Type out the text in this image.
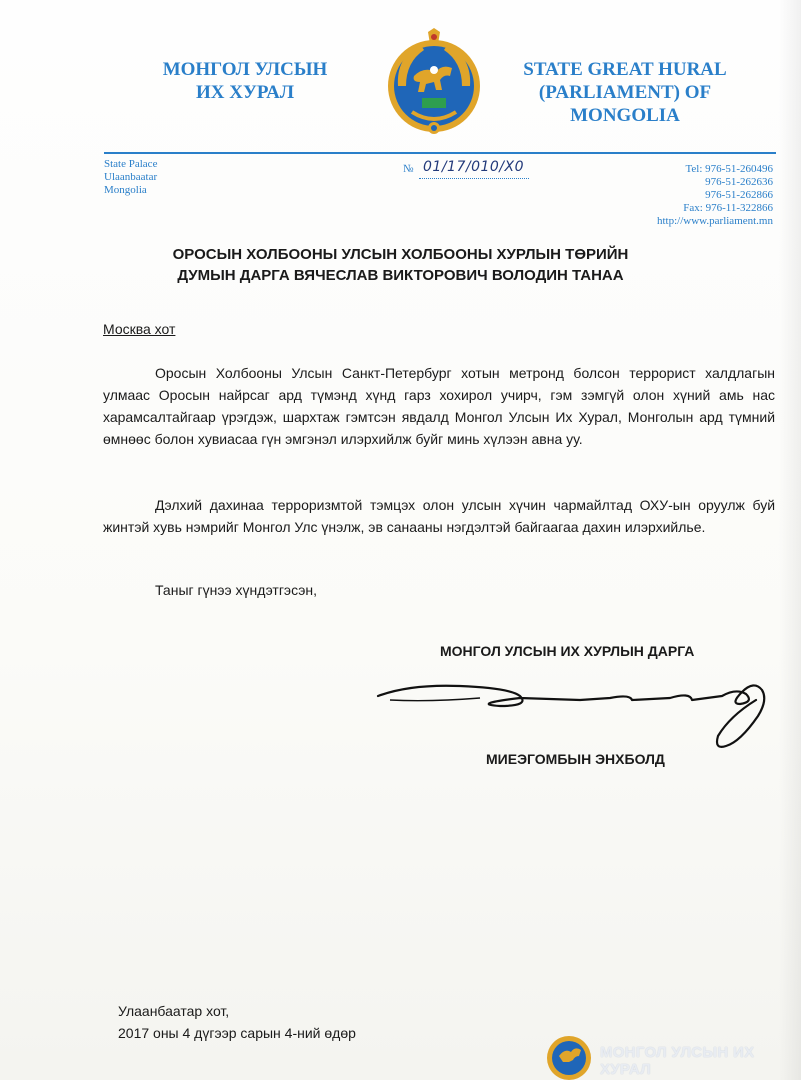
МОНГОЛ УЛСЫН
ИХ ХУРАЛ
STATE GREAT HURAL
(PARLIAMENT) OF
MONGOLIA
State Palace
Ulaanbaatar
Mongolia
№ 01/17/010/Х0	Tel: 976-51-260496
976-51-262636
976-51-262866
Fax: 976-11-322866
http://www.parliament.mn
ОРОСЫН ХОЛБООНЫ УЛСЫН ХОЛБООНЫ ХУРЛЫН ТӨРИЙН
ДУМЫН ДАРГА ВЯЧЕСЛАВ ВИКТОРОВИЧ ВОЛОДИН ТАНАА
Москва хот
Оросын Холбооны Улсын Санкт-Петербург хотын метронд болсон террорист халдлагын улмаас Оросын найрсаг ард түмэнд хүнд гарз хохирол учирч, гэм зэмгүй олон хүний амь нас харамсалтайгаар үрэгдэж, шархтаж гэмтсэн явдалд Монгол Улсын Их Хурал, Монголын ард түмний өмнөөс болон хувиасаа гүн эмгэнэл илэрхийлж буйг минь хүлээн авна уу.
Дэлхий дахинаа терроризмтой тэмцэх олон улсын хүчин чармайлтад ОХУ-ын оруулж буй жинтэй хувь нэмрийг Монгол Улс үнэлж, эв санааны нэгдэлтэй байгаагаа дахин илэрхийлье.
Таныг гүнээ хүндэтгэсэн,
МОНГОЛ УЛСЫН ИХ ХУРЛЫН ДАРГА
МИЕЭГОМБЫН ЭНХБОЛД
Улаанбаатар хот,
2017 оны 4 дүгээр сарын 4-ний өдөр
МОНГОЛ УЛСЫН ИХ ХУРАЛ
